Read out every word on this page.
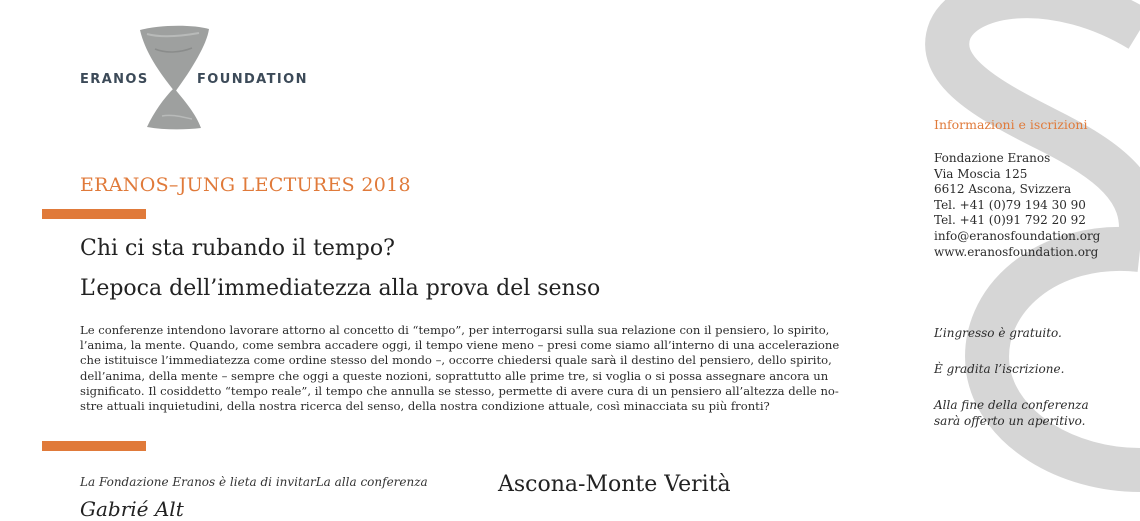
ERANOS	FOUNDATION
ERANOS–JUNG LECTURES 2018
Chi ci sta rubando il tempo?
L’epoca dell’immediatezza alla prova del senso
Le conferenze intendono lavorare attorno al concetto di “tempo”, per interrogarsi sulla sua relazione con il pensiero, lo spirito,
l’anima, la mente. Quando, come sembra accadere oggi, il tempo viene meno – presi come siamo all’interno di una accelerazione
che istituisce l’immediatezza come ordine stesso del mondo –, occorre chiedersi quale sarà il destino del pensiero, dello spirito,
dell’anima, della mente – sempre che oggi a queste nozioni, soprattutto alle prime tre, si voglia o si possa assegnare ancora un
significato. Il cosiddetto “tempo reale”, il tempo che annulla se stesso, permette di avere cura di un pensiero all’altezza delle no-
stre attuali inquietudini, della nostra ricerca del senso, della nostra condizione attuale, così minacciata su più fronti?
La Fondazione Eranos è lieta di invitarLa alla conferenza	Ascona-Monte Verità
Gabrié Alt
Informazioni e iscrizioni
Fondazione Eranos
Via Moscia 125
6612 Ascona, Svizzera
Tel. +41 (0)79 194 30 90
Tel. +41 (0)91 792 20 92
info@eranosfoundation.org
www.eranosfoundation.org
L’ingresso è gratuito.
È gradita l’iscrizione.
Alla fine della conferenza
sarà offerto un aperitivo.
